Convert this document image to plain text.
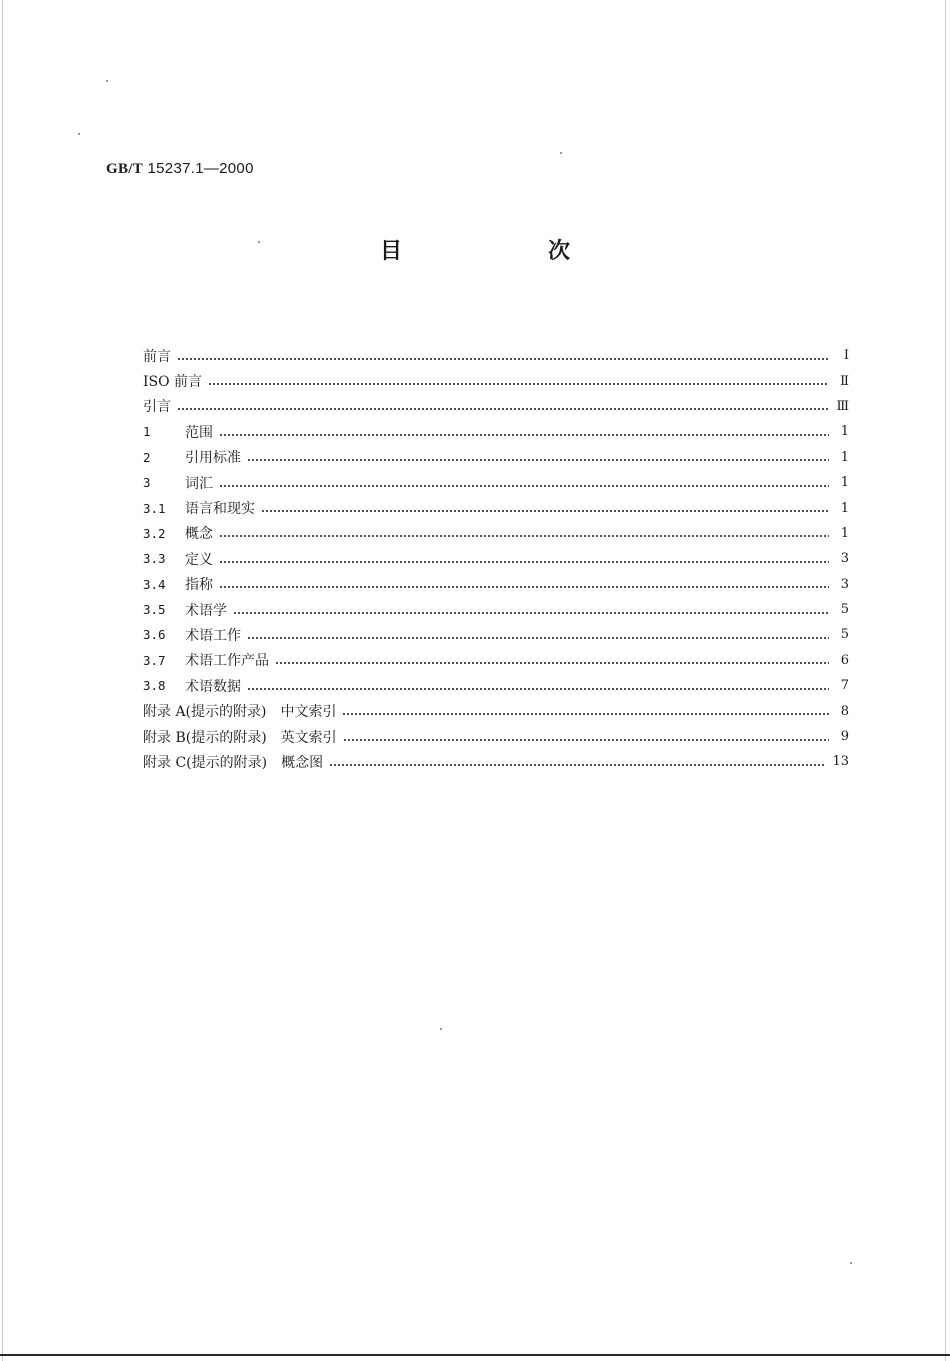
GB/T 15237.1—2000
目	次
前言	I
ISO 前言	Ⅱ
引言	Ⅲ
1	范围	1
2	引用标准	1
3	词汇	1
3.1	语言和现实	1
3.2	概念	1
3.3	定义	3
3.4	指称	3
3.5	术语学	5
3.6	术语工作	5
3.7	术语工作产品	6
3.8	术语数据	7
附录 A(提示的附录)　中文索引	8
附录 B(提示的附录)　英文索引	9
附录 C(提示的附录)　概念图	13
